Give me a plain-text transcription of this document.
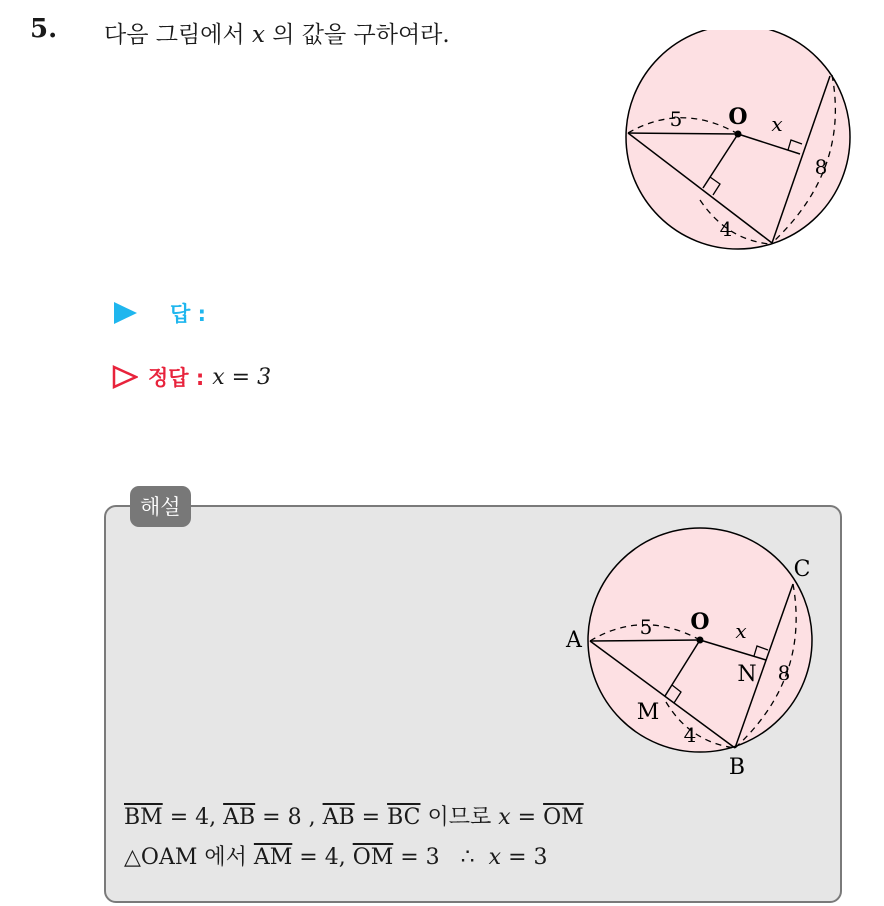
5. 다음 그림에서 x 의 값을 구하여라.
5 O x
4
8
답 :
정답 : x = 3
해설
A
B
C
O
M
N
5	x
4
8
$\overline{BM} = 4$, $\overline{AB} = 8$ , $\overline{AB} = \overline{BC}$ 이므로 $x = \overline{OM}$
△OAM 에서 $\overline{AM} = 4$, $\overline{OM} = 3$   ∴  x = 3
